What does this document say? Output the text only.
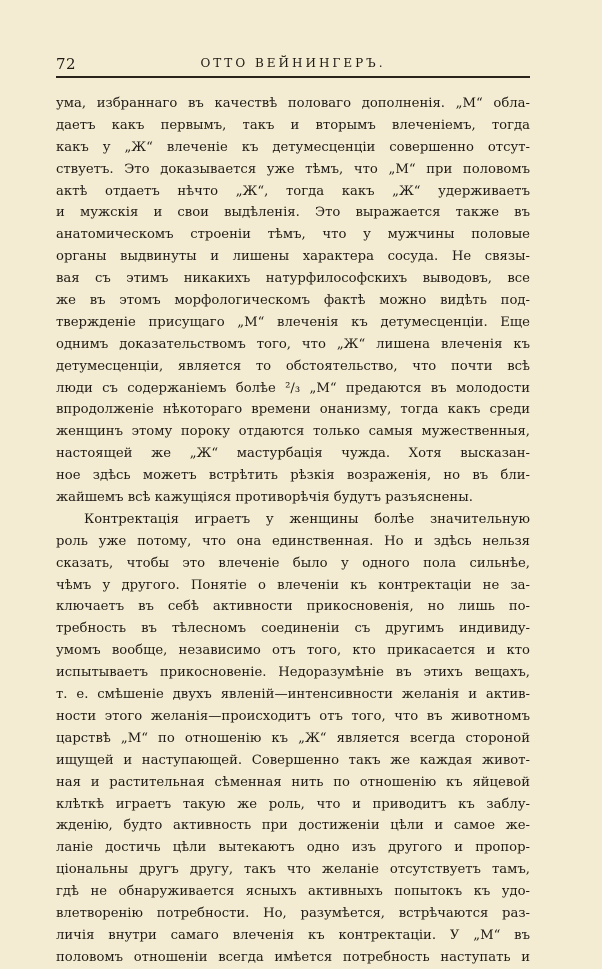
72	ОТТО ВЕЙНИНГЕРЪ.
ума, избраннаго въ качествѣ половаго дополненія. „М“ обла-
даетъ какъ первымъ, такъ и вторымъ влеченіемъ, тогда
какъ у „Ж“ влеченіе къ детумесценціи совершенно отсут-
ствуетъ. Это доказывается уже тѣмъ, что „М“ при половомъ
актѣ отдаетъ нѣчто „Ж“, тогда какъ „Ж“ удерживаетъ
и мужскія и свои выдѣленія. Это выражается также въ
анатомическомъ строеніи тѣмъ, что у мужчины половые
органы выдвинуты и лишены характера сосуда. Не связы-
вая съ этимъ никакихъ натурфилософскихъ выводовъ, все
же въ этомъ морфологическомъ фактѣ можно видѣть под-
твержденіе присущаго „М“ влеченія къ детумесценціи. Еще
однимъ доказательствомъ того, что „Ж“ лишена влеченія къ
детумесценціи, является то обстоятельство, что почти всѣ
люди съ содержаніемъ болѣе ²/₃ „М“ предаются въ молодости
впродолженіе нѣкотораго времени онанизму, тогда какъ среди
женщинъ этому пороку отдаются только самыя мужественныя,
настоящей же „Ж“ мастурбація чужда. Хотя высказан-
ное здѣсь можетъ встрѣтить рѣзкія возраженія, но въ бли-
жайшемъ всѣ кажущіяся противорѣчія будутъ разъяснены.
Контректація играетъ у женщины болѣе значительную
роль уже потому, что она единственная. Но и здѣсь нельзя
сказать, чтобы это влеченіе было у одного пола сильнѣе,
чѣмъ у другого. Понятіе о влеченіи къ контректаціи не за-
ключаетъ въ себѣ активности прикосновенія, но лишь по-
требность въ тѣлесномъ соединеніи съ другимъ индивиду-
умомъ вообще, независимо отъ того, кто прикасается и кто
испытываетъ прикосновеніе. Недоразумѣніе въ этихъ вещахъ,
т. е. смѣшеніе двухъ явленій—интенсивности желанія и актив-
ности этого желанія—происходитъ отъ того, что въ животномъ
царствѣ „М“ по отношенію къ „Ж“ является всегда стороной
ищущей и наступающей. Совершенно такъ же каждая живот-
ная и растительная сѣменная нить по отношенію къ яйцевой
клѣткѣ играетъ такую же роль, что и приводитъ къ заблу-
жденію, будто активность при достиженіи цѣли и самое же-
ланіе достичь цѣли вытекаютъ одно изъ другого и пропор-
ціональны другъ другу, такъ что желаніе отсутствуетъ тамъ,
гдѣ не обнаруживается ясныхъ активныхъ попытокъ къ удо-
влетворенію потребности. Но, разумѣется, встрѣчаются раз-
личія внутри самаго влеченія къ контректаціи. У „М“ въ
половомъ отношеніи всегда имѣется потребность наступать и
